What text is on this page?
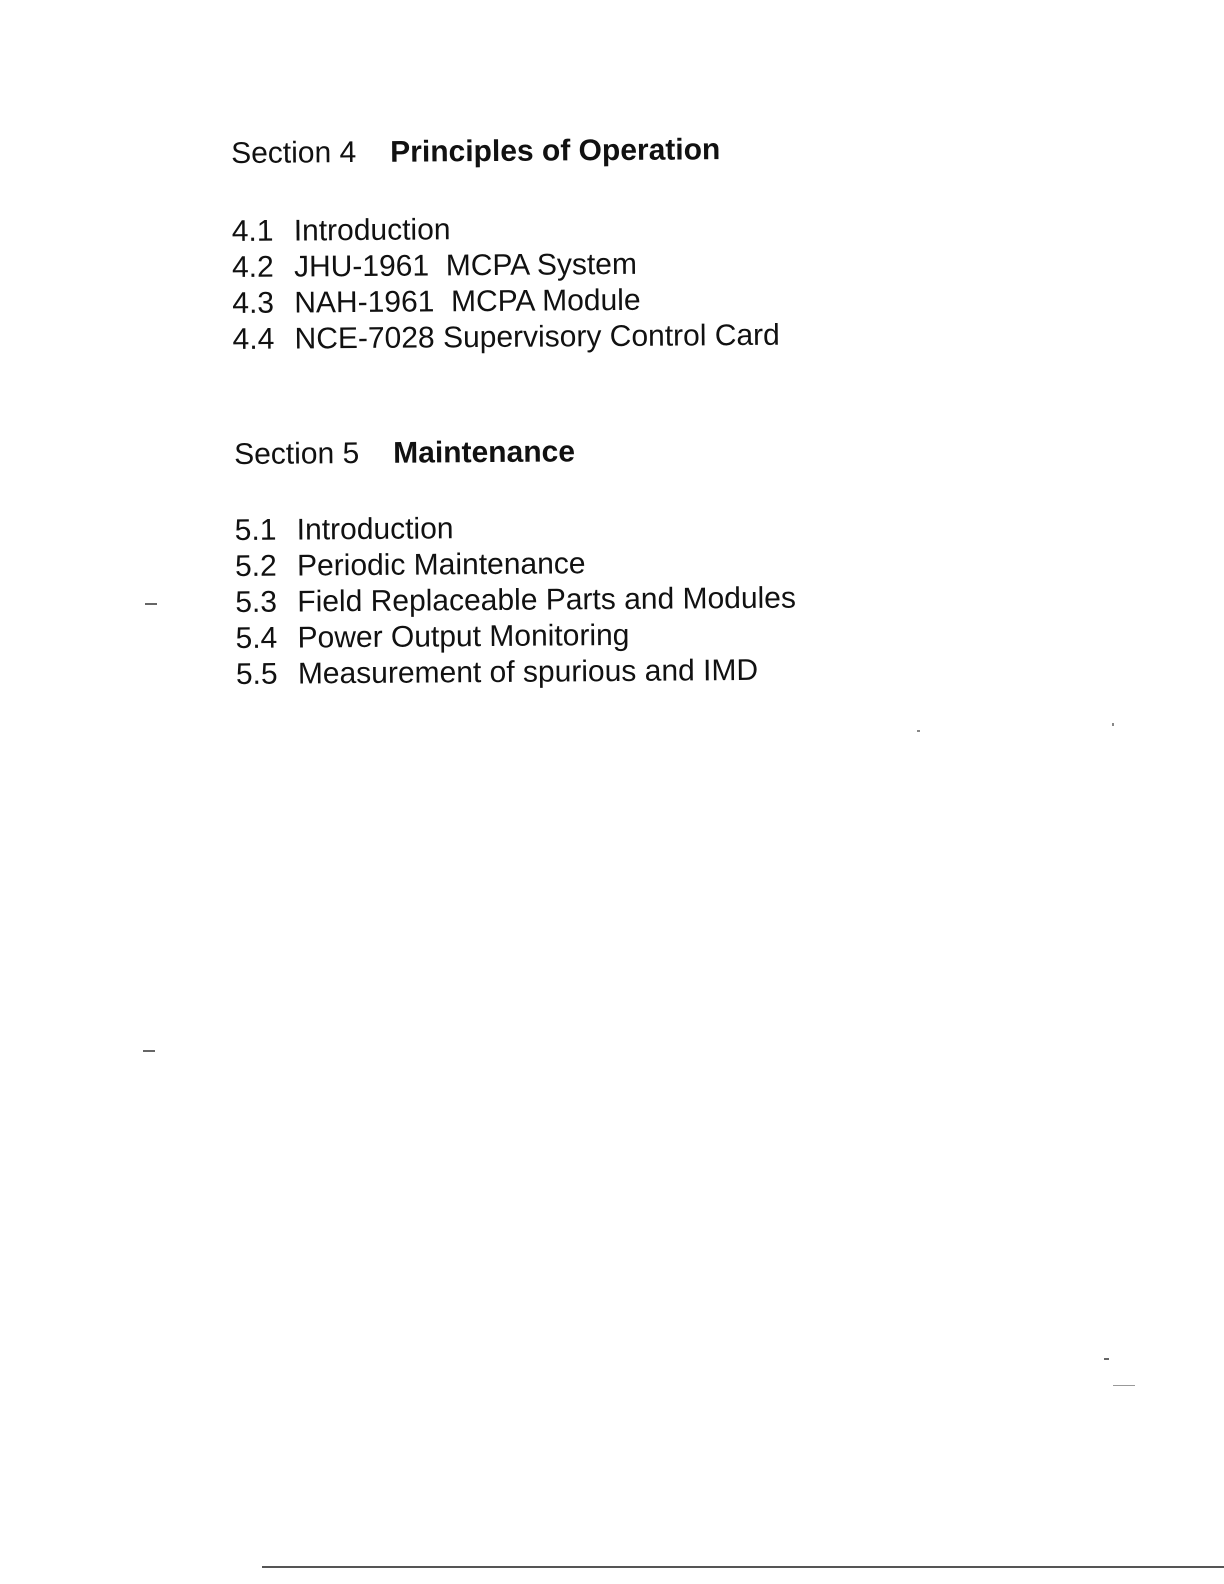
Section 4 Principles of Operation
4.1 Introduction
4.2 JHU-1961  MCPA System
4.3 NAH-1961  MCPA Module
4.4 NCE-7028 Supervisory Control Card
Section 5 Maintenance
5.1 Introduction
5.2 Periodic Maintenance
5.3 Field Replaceable Parts and Modules
5.4 Power Output Monitoring
5.5 Measurement of spurious and IMD
